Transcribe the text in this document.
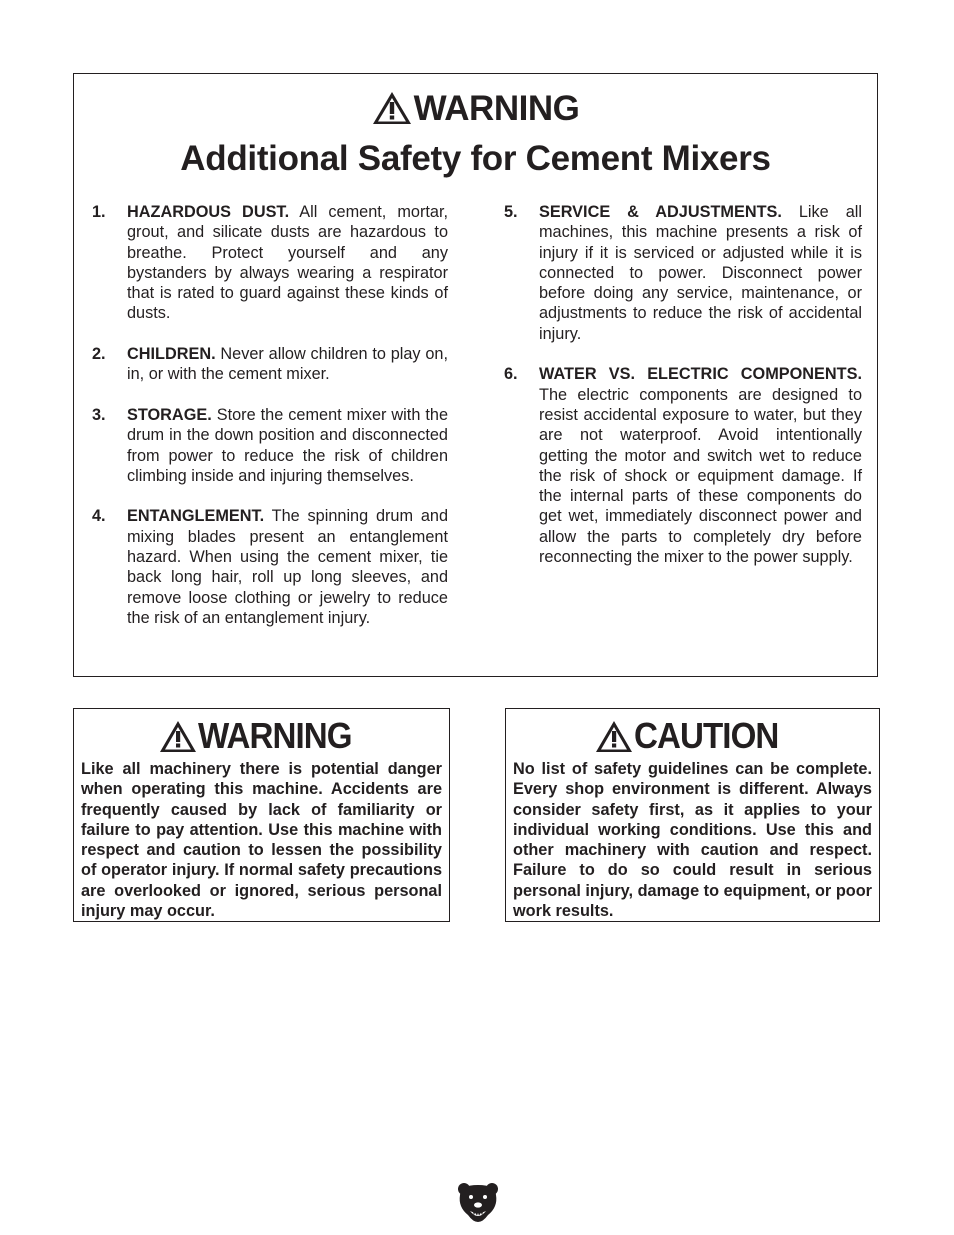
WARNING
Additional Safety for Cement Mixers
1.	HAZARDOUS DUST. All cement, mortar, grout, and silicate dusts are hazardous to breathe. Protect yourself and any bystanders by always wearing a respirator that is rated to guard against these kinds of dusts.
2.	CHILDREN. Never allow children to play on, in, or with the cement mixer.
3.	STORAGE. Store the cement mixer with the drum in the down position and disconnected from power to reduce the risk of children climbing inside and injuring themselves.
4.	ENTANGLEMENT. The spinning drum and mixing blades present an entanglement hazard. When using the cement mixer, tie back long hair, roll up long sleeves, and remove loose clothing or jewelry to reduce the risk of an entanglement injury.
5.	SERVICE & ADJUSTMENTS. Like all machines, this machine presents a risk of injury if it is serviced or adjusted while it is connected to power. Disconnect power before doing any service, maintenance, or adjustments to reduce the risk of accidental injury.
6.	WATER VS. ELECTRIC COMPONENTS. The electric components are designed to resist accidental exposure to water, but they are not waterproof. Avoid intentionally getting the motor and switch wet to reduce the risk of shock or equipment damage. If the internal parts of these components do get wet, immediately disconnect power and allow the parts to completely dry before reconnecting the mixer to the power supply.
WARNING
Like all machinery there is potential danger when operating this machine. Accidents are frequently caused by lack of familiarity or failure to pay attention. Use this machine with respect and caution to lessen the possibility of operator injury. If normal safety precautions are overlooked or ignored, serious personal injury may occur.
CAUTION
No list of safety guidelines can be complete. Every shop environment is different. Always consider safety first, as it applies to your individual working conditions. Use this and other machinery with caution and respect. Failure to do so could result in serious personal injury, damage to equipment, or poor work results.
